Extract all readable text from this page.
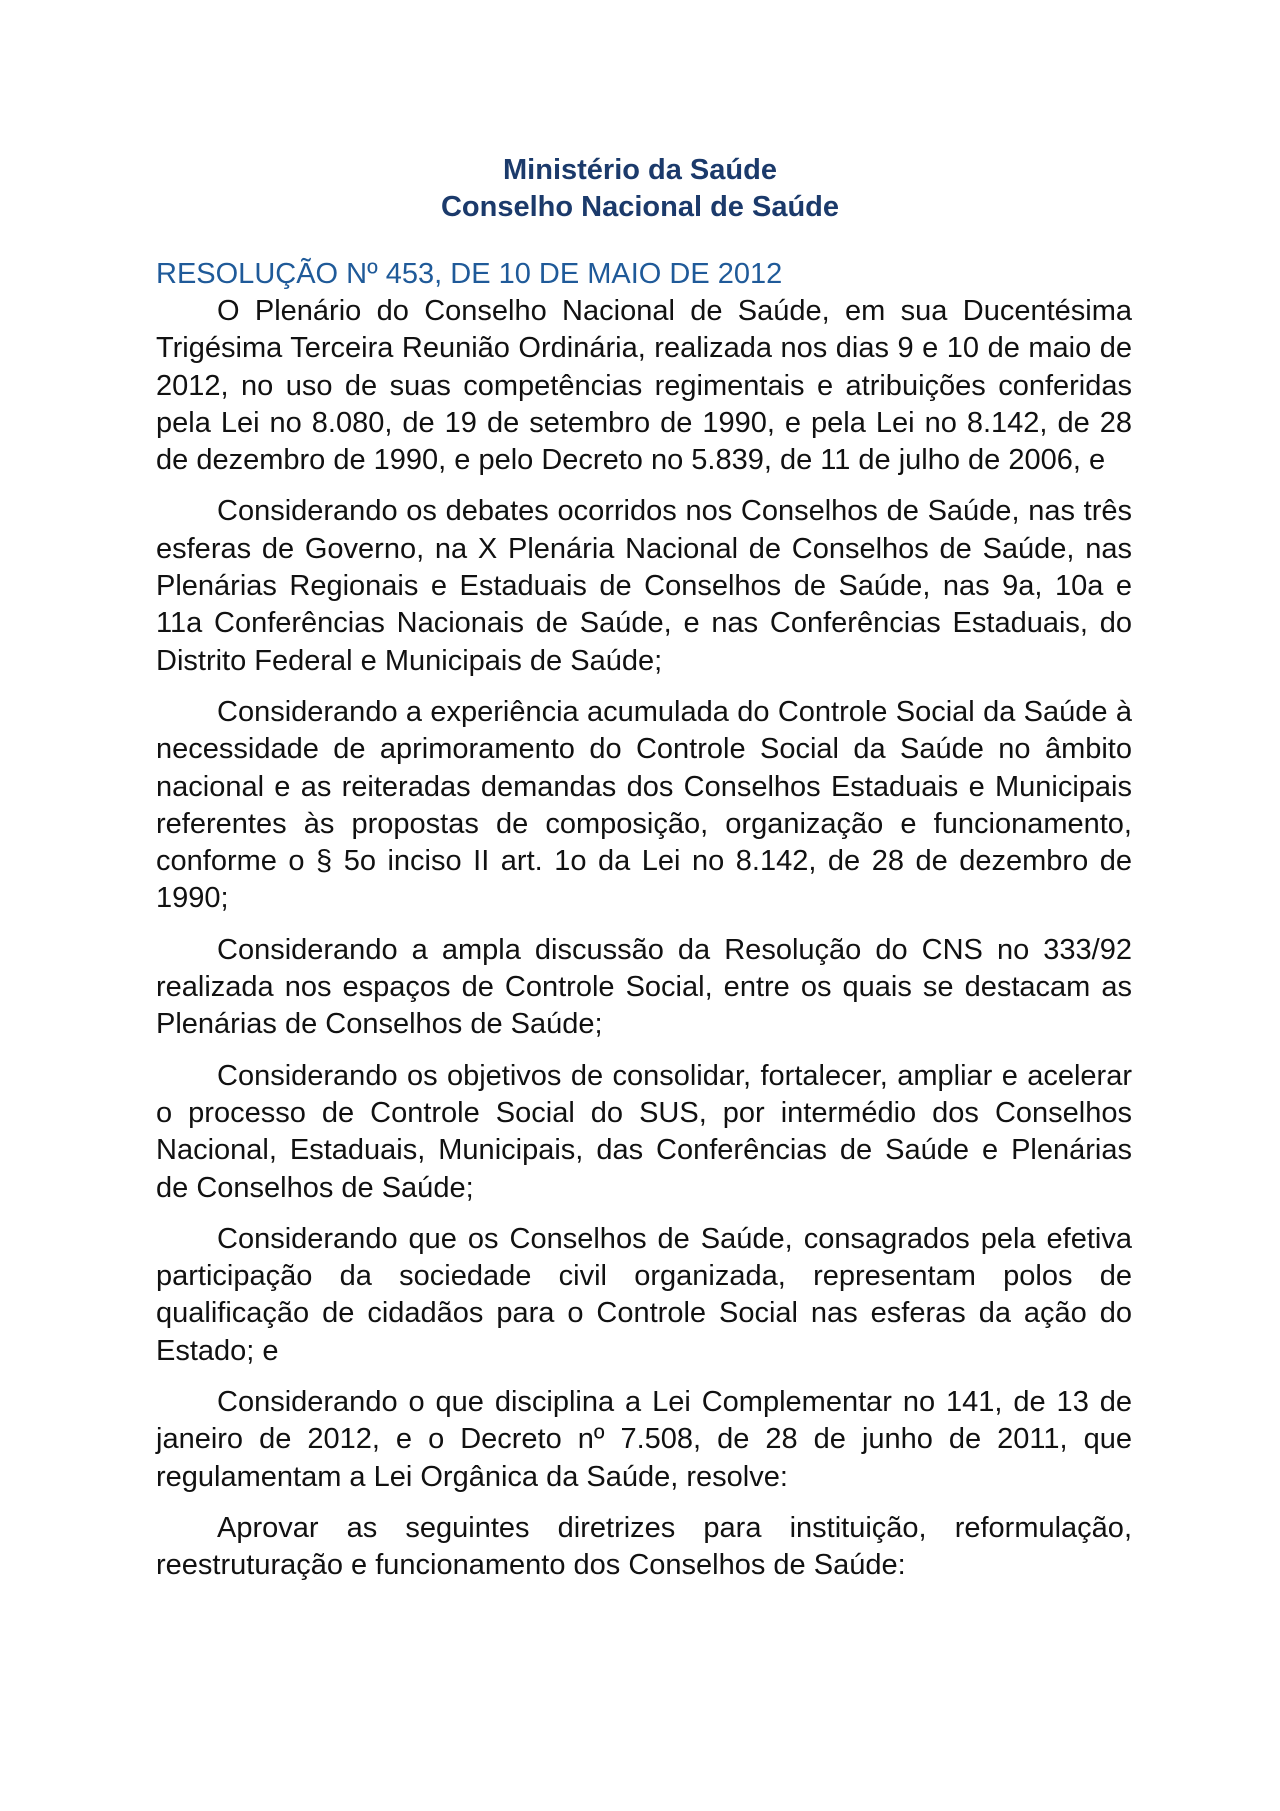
Ministério da Saúde
Conselho Nacional de Saúde
RESOLUÇÃO Nº 453, DE 10 DE MAIO DE 2012

O Plenário do Conselho Nacional de Saúde, em sua Ducentésima Trigésima Terceira Reunião Ordinária, realizada nos dias 9 e 10 de maio de 2012, no uso de suas competências regimentais e atribuições conferidas pela Lei no 8.080, de 19 de setembro de 1990, e pela Lei no 8.142, de 28 de dezembro de 1990, e pelo Decreto no 5.839, de 11 de julho de 2006, e

Considerando os debates ocorridos nos Conselhos de Saúde, nas três esferas de Governo, na X Plenária Nacional de Conselhos de Saúde, nas Plenárias Regionais e Estaduais de Conselhos de Saúde, nas 9a, 10a e 11a Conferências Nacionais de Saúde, e nas Conferências Estaduais, do Distrito Federal e Municipais de Saúde;

Considerando a experiência acumulada do Controle Social da Saúde à necessidade de aprimoramento do Controle Social da Saúde no âmbito nacional e as reiteradas demandas dos Conselhos Estaduais e Municipais referentes às propostas de composição, organização e funcionamento, conforme o § 5o inciso II art. 1o da Lei no 8.142, de 28 de dezembro de 1990;

Considerando a ampla discussão da Resolução do CNS no 333/92 realizada nos espaços de Controle Social, entre os quais se destacam as Plenárias de Conselhos de Saúde;

Considerando os objetivos de consolidar, fortalecer, ampliar e acelerar o processo de Controle Social do SUS, por intermédio dos Conselhos Nacional, Estaduais, Municipais, das Conferências de Saúde e Plenárias de Conselhos de Saúde;

Considerando que os Conselhos de Saúde, consagrados pela efetiva participação da sociedade civil organizada, representam polos de qualificação de cidadãos para o Controle Social nas esferas da ação do Estado; e

Considerando o que disciplina a Lei Complementar no 141, de 13 de janeiro de 2012, e o Decreto nº 7.508, de 28 de junho de 2011, que regulamentam a Lei Orgânica da Saúde, resolve:

Aprovar as seguintes diretrizes para instituição, reformulação, reestruturação e funcionamento dos Conselhos de Saúde:
